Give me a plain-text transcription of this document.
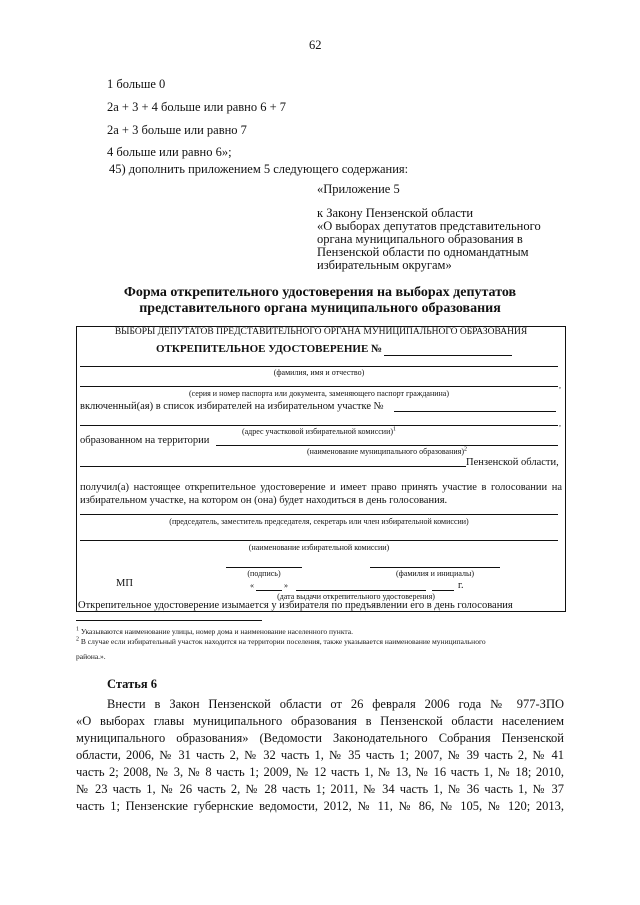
62
1 больше 0
2а + 3 + 4 больше или равно 6 + 7
2а + 3 больше или равно 7
4 больше или равно 6»;
45) дополнить приложением 5 следующего содержания:
«Приложение 5
к Закону Пензенской области
«О выборах депутатов представительного
органа муниципального образования в
Пензенской области по одномандатным
избирательным округам»
Форма открепительного удостоверения на выборах депутатов
представительного органа муниципального образования
ВЫБОРЫ ДЕПУТАТОВ ПРЕДСТАВИТЕЛЬНОГО ОРГАНА МУНИЦИПАЛЬНОГО ОБРАЗОВАНИЯ
ОТКРЕПИТЕЛЬНОЕ УДОСТОВЕРЕНИЕ №
(фамилия, имя и отчество)
,
(серия и номер паспорта или документа, заменяющего паспорт гражданина)
включенный(ая) в список избирателей на избирательном участке №
,
(адрес участковой избирательной комиссии)$^1$
образованном на территории
(наименование муниципального образования)$^2$
Пензенской области,
получил(а) настоящее открепительное удостоверение и имеет право принять участие в голосовании на
избирательном участке, на котором он (она) будет находиться в день голосования.
(председатель, заместитель председателя, секретарь или член избирательной комиссии)
(наименование избирательной комиссии)
(подпись)	(фамилия и инициалы)
МП	«	»	г.
(дата выдачи открепительного удостоверения)
Открепительное удостоверение изымается у избирателя по предъявлении его в день голосования
$^1$ Указываются наименование улицы, номер дома и наименование населенного пункта.
$^2$ В случае если избирательный участок находится на территории поселения, также указывается наименование муниципального
района.».
Статья 6
Внести в Закон Пензенской области от 26 февраля 2006 года № 977-ЗПО
«О выборах главы муниципального образования в Пензенской области населением
муниципального образования» (Ведомости Законодательного Собрания Пензенской
области, 2006, № 31 часть 2, № 32 часть 1, № 35 часть 1; 2007, № 39 часть 2, № 41
часть 2; 2008, № 3, № 8 часть 1; 2009, № 12 часть 1, № 13, № 16 часть 1, № 18; 2010,
№ 23 часть 1, № 26 часть 2, № 28 часть 1; 2011, № 34 часть 1, № 36 часть 1, № 37
часть 1; Пензенские губернские ведомости, 2012, № 11, № 86, № 105, № 120; 2013,
